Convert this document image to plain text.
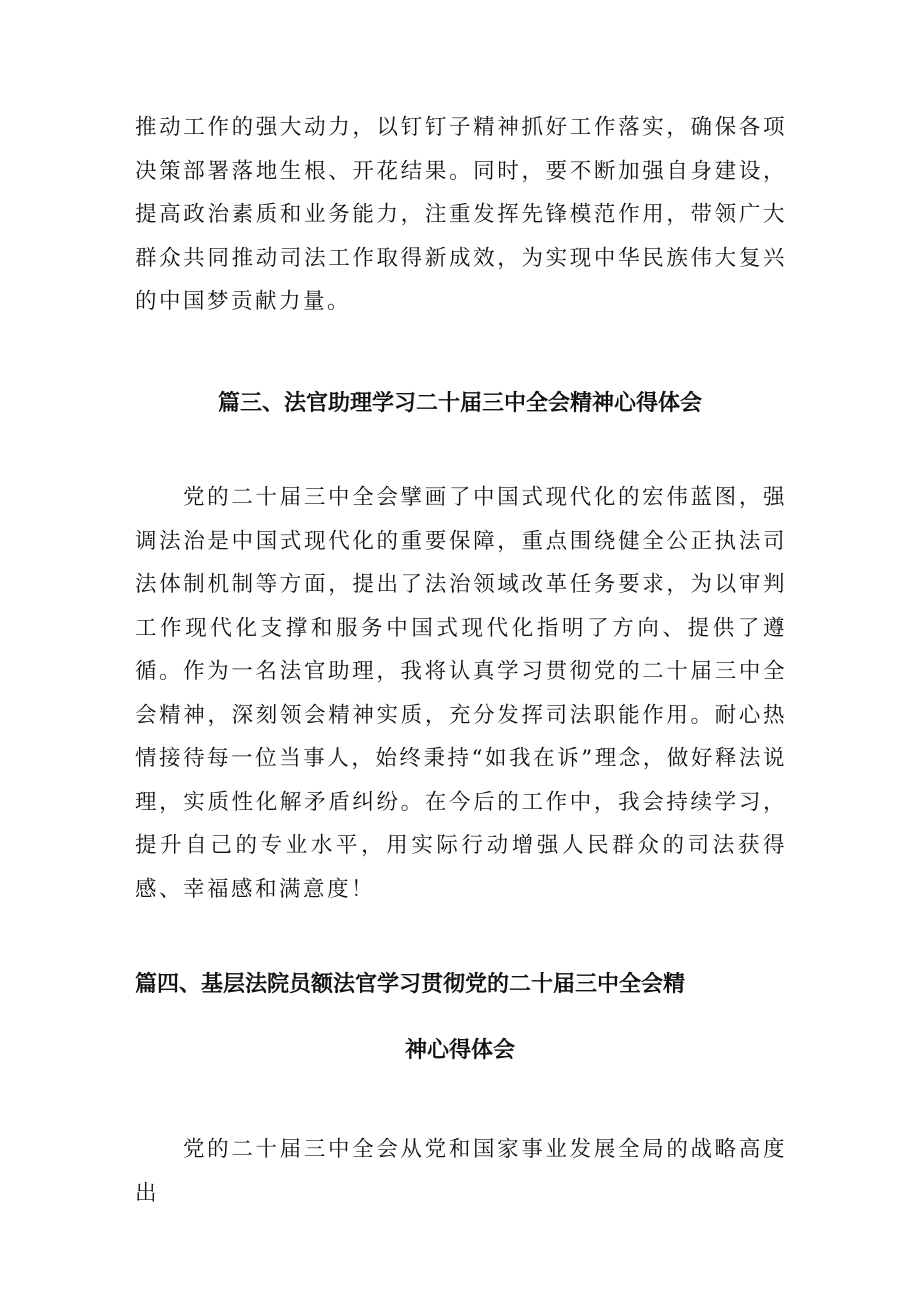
推动工作的强大动力，以钉钉子精神抓好工作落实，确保各项决策部署落地生根、开花结果。同时，要不断加强自身建设，提高政治素质和业务能力，注重发挥先锋模范作用，带领广大群众共同推动司法工作取得新成效，为实现中华民族伟大复兴的中国梦贡献力量。

篇三、法官助理学习二十届三中全会精神心得体会

党的二十届三中全会擘画了中国式现代化的宏伟蓝图，强调法治是中国式现代化的重要保障，重点围绕健全公正执法司法体制机制等方面，提出了法治领域改革任务要求，为以审判工作现代化支撑和服务中国式现代化指明了方向、提供了遵循。 作为一名法官助理，我将认真学习贯彻党的二十届三中全会精神，深刻领会精神实质，充分发挥司法职能作用。耐心热情接待每一位当事人，始终秉持“如我在诉”理念，做好释法说理，实质性化解矛盾纠纷。在今后的工作中，我会持续学习，提升自己的专业水平，用实际行动增强人民群众的司法获得感、幸福感和满意度！

篇四、基层法院员额法官学习贯彻党的二十届三中全会精
神心得体会

党的二十届三中全会从党和国家事业发展全局的战略高度出
